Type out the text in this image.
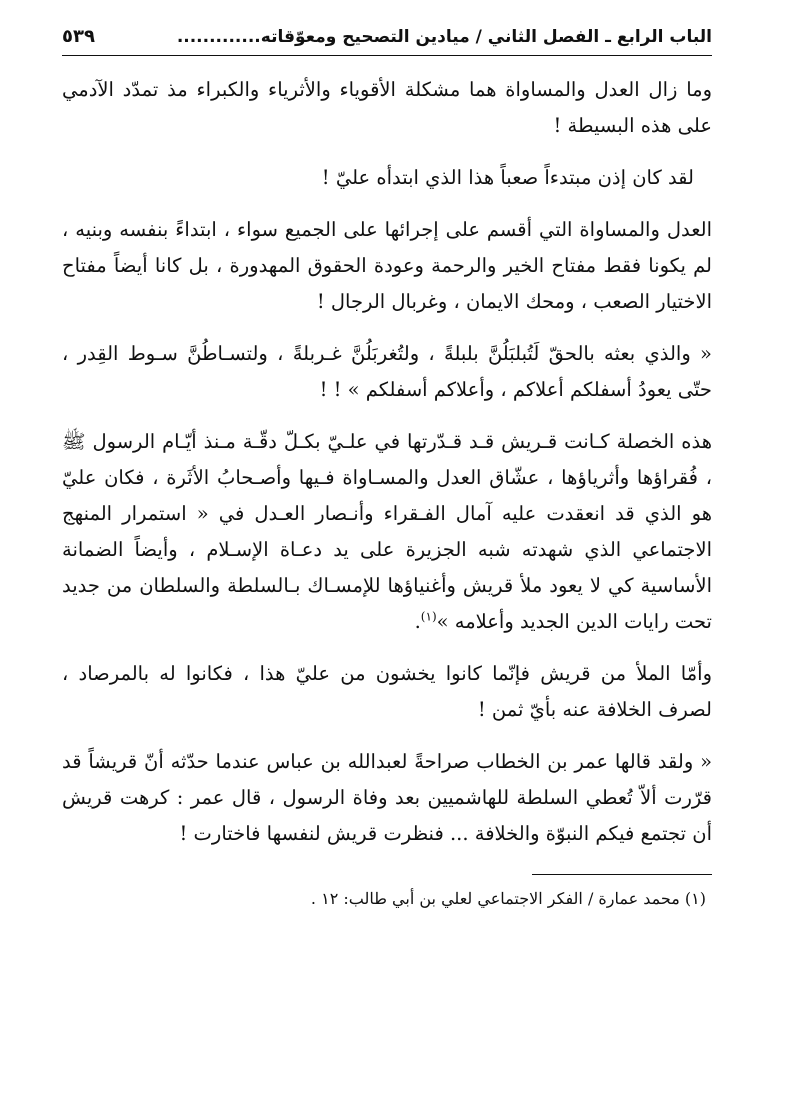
الباب الرابع ـ الفصل الثاني / ميادين التصحيح ومعوّقاته.............
٥٣٩

وما زال العدل والمساواة هما مشكلة الأقوياء والأثرياء والكبراء مذ تمدّد الآدمي على هذه البسيطة !

لقد كان إذن مبتدءاً صعباً هذا الذي ابتدأه عليّ !

العدل والمساواة التي أقسم على إجرائها على الجميع سواء ، ابتداءً بنفسه وبنيه ، لم يكونا فقط مفتاح الخير والرحمة وعودة الحقوق المهدورة ، بل كانا أيضاً مفتاح الاختيار الصعب ، ومحك الايمان ، وغربال الرجال !

« والذي بعثه بالحقّ لَتُبلبَلُنَّ بلبلةً ، ولتُغربَلُنَّ غـربلةً ، ولتسـاطُنَّ سـوط القِدر ، حتّى يعودُ أسفلكم أعلاكم ، وأعلاكم أسفلكم » ! !

هذه الخصلة كـانت قـريش قـد قـدّرتها في علـيّ بكـلّ دقّـة مـنذ أيّـام الرسول ﷺ ، فُقراؤها وأثرياؤها ، عشّاق العدل والمسـاواة فـيها وأصـحابُ الأثَرة ، فكان عليّ هو الذي قد انعقدت عليه آمال الفـقراء وأنـصار العـدل في « استمرار المنهج الاجتماعي الذي شهدته شبه الجزيرة على يد دعـاة الإسـلام ، وأيضاً الضمانة الأساسية كي لا يعود ملأ قريش وأغنياؤها للإمسـاك بـالسلطة والسلطان من جديد تحت رايات الدين الجديد وأعلامه »$^{(١)}$.

وأمّا الملأ من قريش فإنّما كانوا يخشون من عليّ هذا ، فكانوا له بالمرصاد ، لصرف الخلافة عنه بأيّ ثمن !

« ولقد قالها عمر بن الخطاب صراحةً لعبدالله بن عباس عندما حدّثه أنّ قريشاً قد قرّرت ألاّ تُعطي السلطة للهاشميين بعد وفاة الرسول ، قال عمر : كرهت قريش أن تجتمع فيكم النبوّة والخلافة ... فنظرت قريش لنفسها فاختارت !

(١) محمد عمارة / الفكر الاجتماعي لعلي بن أبي طالب: ١٢ .
